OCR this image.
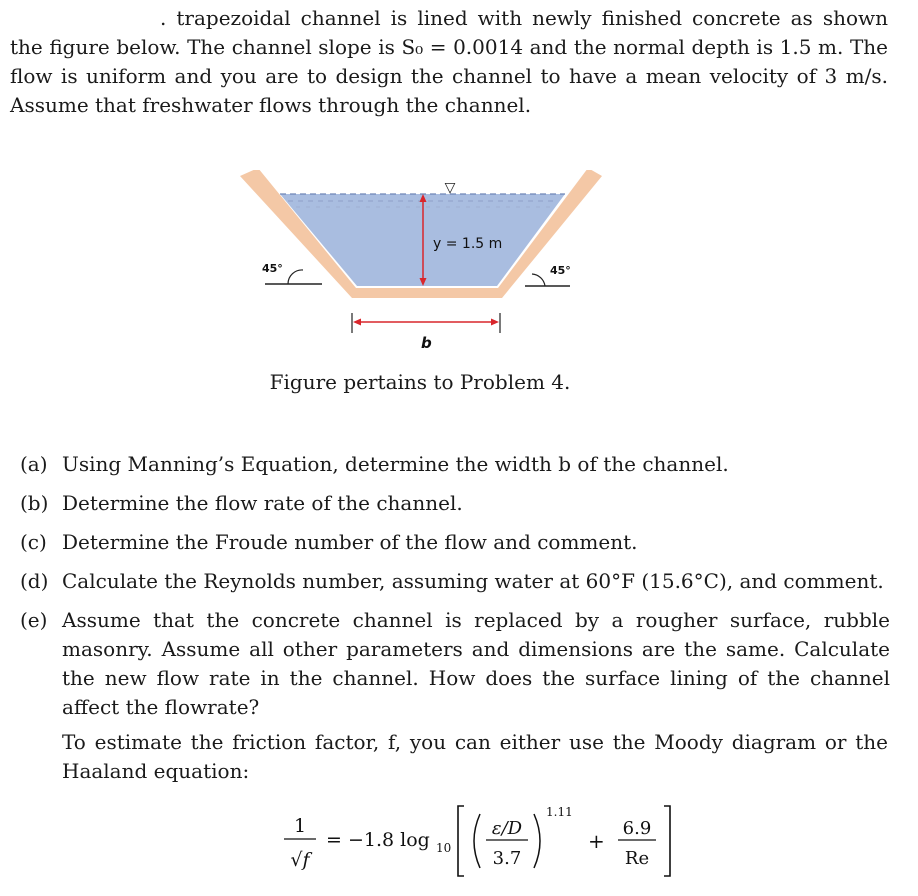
. trapezoidal channel is lined with newly finished concrete as shown the figure below. The channel slope is S₀ = 0.0014 and the normal depth is 1.5 m. The flow is uniform and you are to design the channel to have a mean velocity of 3 m/s. Assume that freshwater flows through the channel.
▽
y = 1.5 m
45°	45°
b
Figure pertains to Problem 4.
(a) Using Manning’s Equation, determine the width b of the channel.
(b) Determine the flow rate of the channel.
(c) Determine the Froude number of the flow and comment.
(d) Calculate the Reynolds number, assuming water at 60°F (15.6°C), and comment.
(e) Assume that the concrete channel is replaced by a rougher surface, rubble masonry. Assume all other parameters and dimensions are the same. Calculate the new flow rate in the channel. How does the surface lining of the channel affect the flowrate?
To estimate the friction factor, f, you can either use the Moody diagram or the Haaland equation:
1
√f
= −1.8 log 10
ε/D
3.7
1.11
+
6.9
Re
